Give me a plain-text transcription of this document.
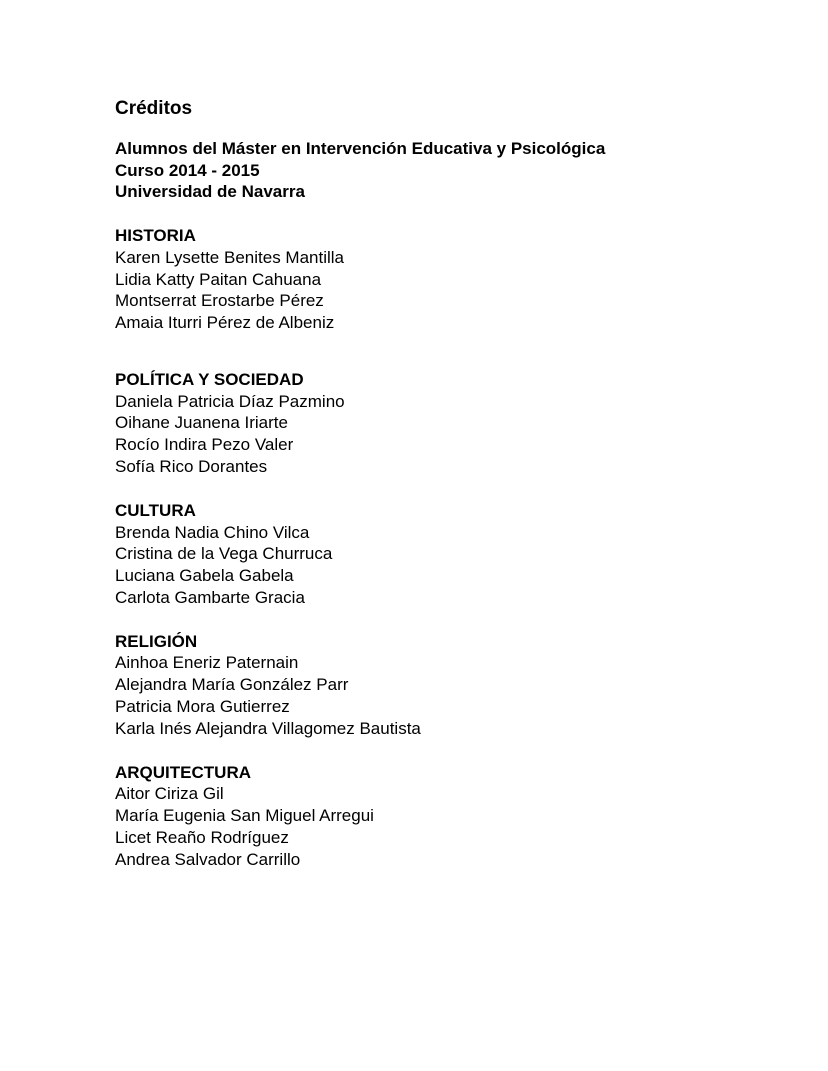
Créditos
Alumnos del Máster en Intervención Educativa y Psicológica
Curso 2014 - 2015
Universidad de Navarra
HISTORIA
Karen Lysette Benites Mantilla
Lidia Katty Paitan Cahuana
Montserrat Erostarbe Pérez
Amaia Iturri Pérez de Albeniz
POLÍTICA Y SOCIEDAD
Daniela Patricia Díaz Pazmino
Oihane Juanena Iriarte
Rocío Indira Pezo Valer
Sofía Rico Dorantes
CULTURA
Brenda Nadia Chino Vilca
Cristina de la Vega Churruca
Luciana Gabela Gabela
Carlota Gambarte Gracia
RELIGIÓN
Ainhoa Eneriz Paternain
Alejandra María González Parr
Patricia Mora Gutierrez
Karla Inés Alejandra Villagomez Bautista
ARQUITECTURA
Aitor Ciriza Gil
María Eugenia San Miguel Arregui
Licet Reaño Rodríguez
Andrea Salvador Carrillo
